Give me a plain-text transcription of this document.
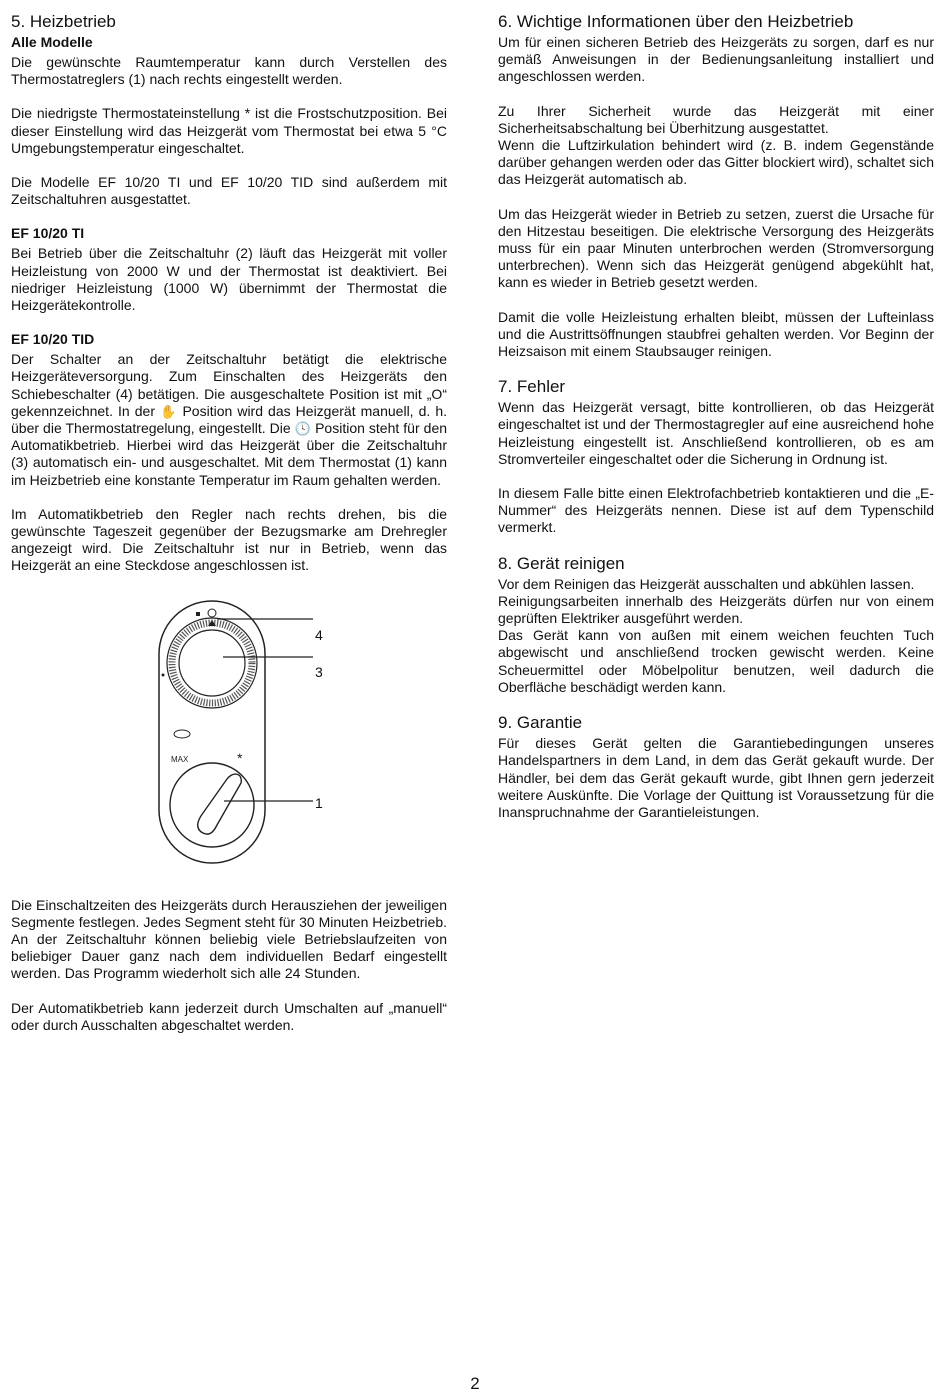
5. Heizbetrieb
Alle Modelle

Die gewünschte Raumtemperatur kann durch Verstellen des Thermostatreglers (1) nach rechts eingestellt werden.

Die niedrigste Thermostateinstellung * ist die Frostschutzposition. Bei dieser Einstellung wird das Heizgerät vom Thermostat bei etwa 5 °C Umgebungstemperatur eingeschaltet.

Die Modelle EF 10/20 TI und EF 10/20 TID sind außerdem mit Zeitschaltuhren ausgestattet.

EF 10/20 TI

Bei Betrieb über die Zeitschaltuhr (2) läuft das Heizgerät mit voller Heizleistung von 2000 W und der Thermostat ist deaktiviert. Bei niedriger Heizleistung (1000 W) übernimmt der Thermostat die Heizgerätekontrolle.

EF 10/20 TID

Der Schalter an der Zeitschaltuhr betätigt die elektrische Heizgeräteversorgung. Zum Einschalten des Heizgeräts den Schiebeschalter (4) betätigen. Die ausgeschaltete Position ist mit „O“ gekennzeichnet. In der ✋ Position wird das Heizgerät manuell, d. h. über die Thermostatregelung, eingestellt. Die 🕓 Position steht für den Automatikbetrieb. Hierbei wird das Heizgerät über die Zeitschaltuhr (3) automatisch ein- und ausgeschaltet. Mit dem Thermostat (1) kann im Heizbetrieb eine konstante Temperatur im Raum gehalten werden.

Im Automatikbetrieb den Regler nach rechts drehen, bis die gewünschte Tageszeit gegenüber der Bezugsmarke am Drehregler angezeigt wird. Die Zeitschaltuhr ist nur in Betrieb, wenn das Heizgerät an eine Steckdose angeschlossen ist.

MAX	*
4
3
1

Die Einschaltzeiten des Heizgeräts durch Herausziehen der jeweiligen Segmente festlegen. Jedes Segment steht für 30 Minuten Heizbetrieb. An der Zeitschaltuhr können beliebig viele Betriebslaufzeiten von beliebiger Dauer ganz nach dem individuellen Bedarf eingestellt werden. Das Programm wiederholt sich alle 24 Stunden.

Der Automatikbetrieb kann jederzeit durch Umschalten auf „manuell“ oder durch Ausschalten abgeschaltet werden.

6. Wichtige Informationen über den Heizbetrieb

Um für einen sicheren Betrieb des Heizgeräts zu sorgen, darf es nur gemäß Anweisungen in der Bedienungsanleitung installiert und angeschlossen werden.

Zu Ihrer Sicherheit wurde das Heizgerät mit einer Sicherheitsabschaltung bei Überhitzung ausgestattet.

Wenn die Luftzirkulation behindert wird (z. B. indem Gegenstände darüber gehangen werden oder das Gitter blockiert wird), schaltet sich das Heizgerät automatisch ab.

Um das Heizgerät wieder in Betrieb zu setzen, zuerst die Ursache für den Hitzestau beseitigen. Die elektrische Versorgung des Heizgeräts muss für ein paar Minuten unterbrochen werden (Stromversorgung unterbrechen). Wenn sich das Heizgerät genügend abgekühlt hat, kann es wieder in Betrieb gesetzt werden.

Damit die volle Heizleistung erhalten bleibt, müssen der Lufteinlass und die Austrittsöffnungen staubfrei gehalten werden. Vor Beginn der Heizsaison mit einem Staubsauger reinigen.

7. Fehler

Wenn das Heizgerät versagt, bitte kontrollieren, ob das Heizgerät eingeschaltet ist und der Thermostagregler auf eine ausreichend hohe Heizleistung eingestellt ist. Anschließend kontrollieren, ob es am Stromverteiler eingeschaltet oder die Sicherung in Ordnung ist.

In diesem Falle bitte einen Elektrofachbetrieb kontaktieren und die „E-Nummer“ des Heizgeräts nennen. Diese ist auf dem Typenschild vermerkt.

8. Gerät reinigen

Vor dem Reinigen das Heizgerät ausschalten und abkühlen lassen.

Reinigungsarbeiten innerhalb des Heizgeräts dürfen nur von einem geprüften Elektriker ausgeführt werden.

Das Gerät kann von außen mit einem weichen feuchten Tuch abgewischt und anschließend trocken gewischt werden. Keine Scheuermittel oder Möbelpolitur benutzen, weil dadurch die Oberfläche beschädigt werden kann.

9. Garantie

Für dieses Gerät gelten die Garantiebedingungen unseres Handelspartners in dem Land, in dem das Gerät gekauft wurde. Der Händler, bei dem das Gerät gekauft wurde, gibt Ihnen gern jederzeit weitere Auskünfte. Die Vorlage der Quittung ist Voraussetzung für die Inanspruchnahme der Garantieleistungen.

2
